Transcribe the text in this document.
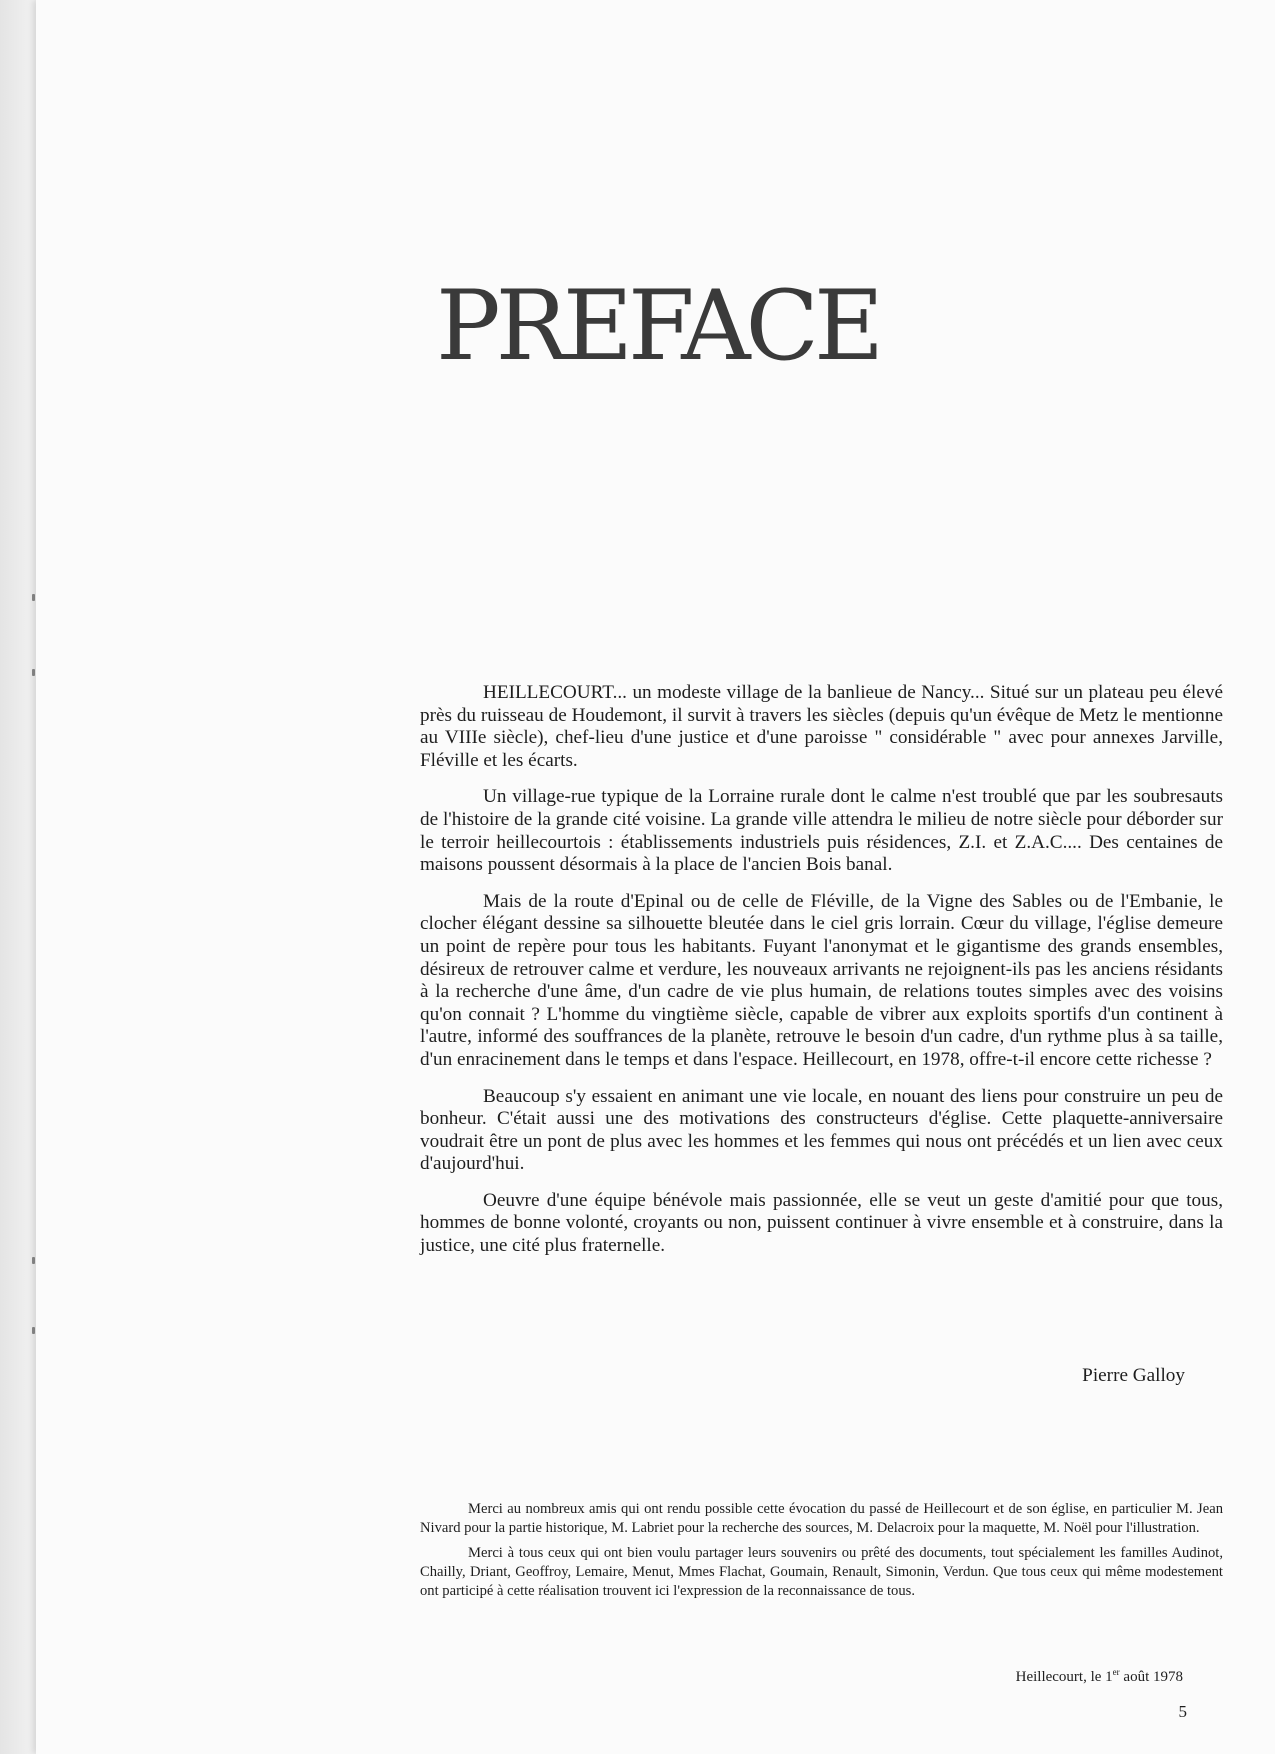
PREFACE

HEILLECOURT... un modeste village de la banlieue de Nancy... Situé sur un plateau peu élevé près du ruisseau de Houdemont, il survit à travers les siècles (depuis qu'un évêque de Metz le mentionne au VIIIe siècle), chef-lieu d'une justice et d'une paroisse " considérable " avec pour annexes Jarville, Fléville et les écarts.

Un village-rue typique de la Lorraine rurale dont le calme n'est troublé que par les soubresauts de l'histoire de la grande cité voisine. La grande ville attendra le milieu de notre siècle pour déborder sur le terroir heillecourtois : établissements industriels puis résidences, Z.I. et Z.A.C.... Des centaines de maisons poussent désormais à la place de l'ancien Bois banal.

Mais de la route d'Epinal ou de celle de Fléville, de la Vigne des Sables ou de l'Embanie, le clocher élégant dessine sa silhouette bleutée dans le ciel gris lorrain. Cœur du village, l'église demeure un point de repère pour tous les habitants. Fuyant l'anonymat et le gigantisme des grands ensembles, désireux de retrouver calme et verdure, les nouveaux arrivants ne rejoignent-ils pas les anciens résidants à la recherche d'une âme, d'un cadre de vie plus humain, de relations toutes simples avec des voisins qu'on connait ? L'homme du vingtième siècle, capable de vibrer aux exploits sportifs d'un continent à l'autre, informé des souffrances de la planète, retrouve le besoin d'un cadre, d'un rythme plus à sa taille, d'un enracinement dans le temps et dans l'espace. Heillecourt, en 1978, offre-t-il encore cette richesse ?

Beaucoup s'y essaient en animant une vie locale, en nouant des liens pour construire un peu de bonheur. C'était aussi une des motivations des constructeurs d'église. Cette plaquette-anniversaire voudrait être un pont de plus avec les hommes et les femmes qui nous ont précédés et un lien avec ceux d'aujourd'hui.

Oeuvre d'une équipe bénévole mais passionnée, elle se veut un geste d'amitié pour que tous, hommes de bonne volonté, croyants ou non, puissent continuer à vivre ensemble et à construire, dans la justice, une cité plus fraternelle.

Pierre Galloy

Merci au nombreux amis qui ont rendu possible cette évocation du passé de Heillecourt et de son église, en particulier M. Jean Nivard pour la partie historique, M. Labriet pour la recherche des sources, M. Delacroix pour la maquette, M. Noël pour l'illustration.

Merci à tous ceux qui ont bien voulu partager leurs souvenirs ou prêté des documents, tout spécialement les familles Audinot, Chailly, Driant, Geoffroy, Lemaire, Menut, Mmes Flachat, Goumain, Renault, Simonin, Verdun. Que tous ceux qui même modestement ont participé à cette réalisation trouvent ici l'expression de la reconnaissance de tous.

Heillecourt, le 1er août 1978
5
